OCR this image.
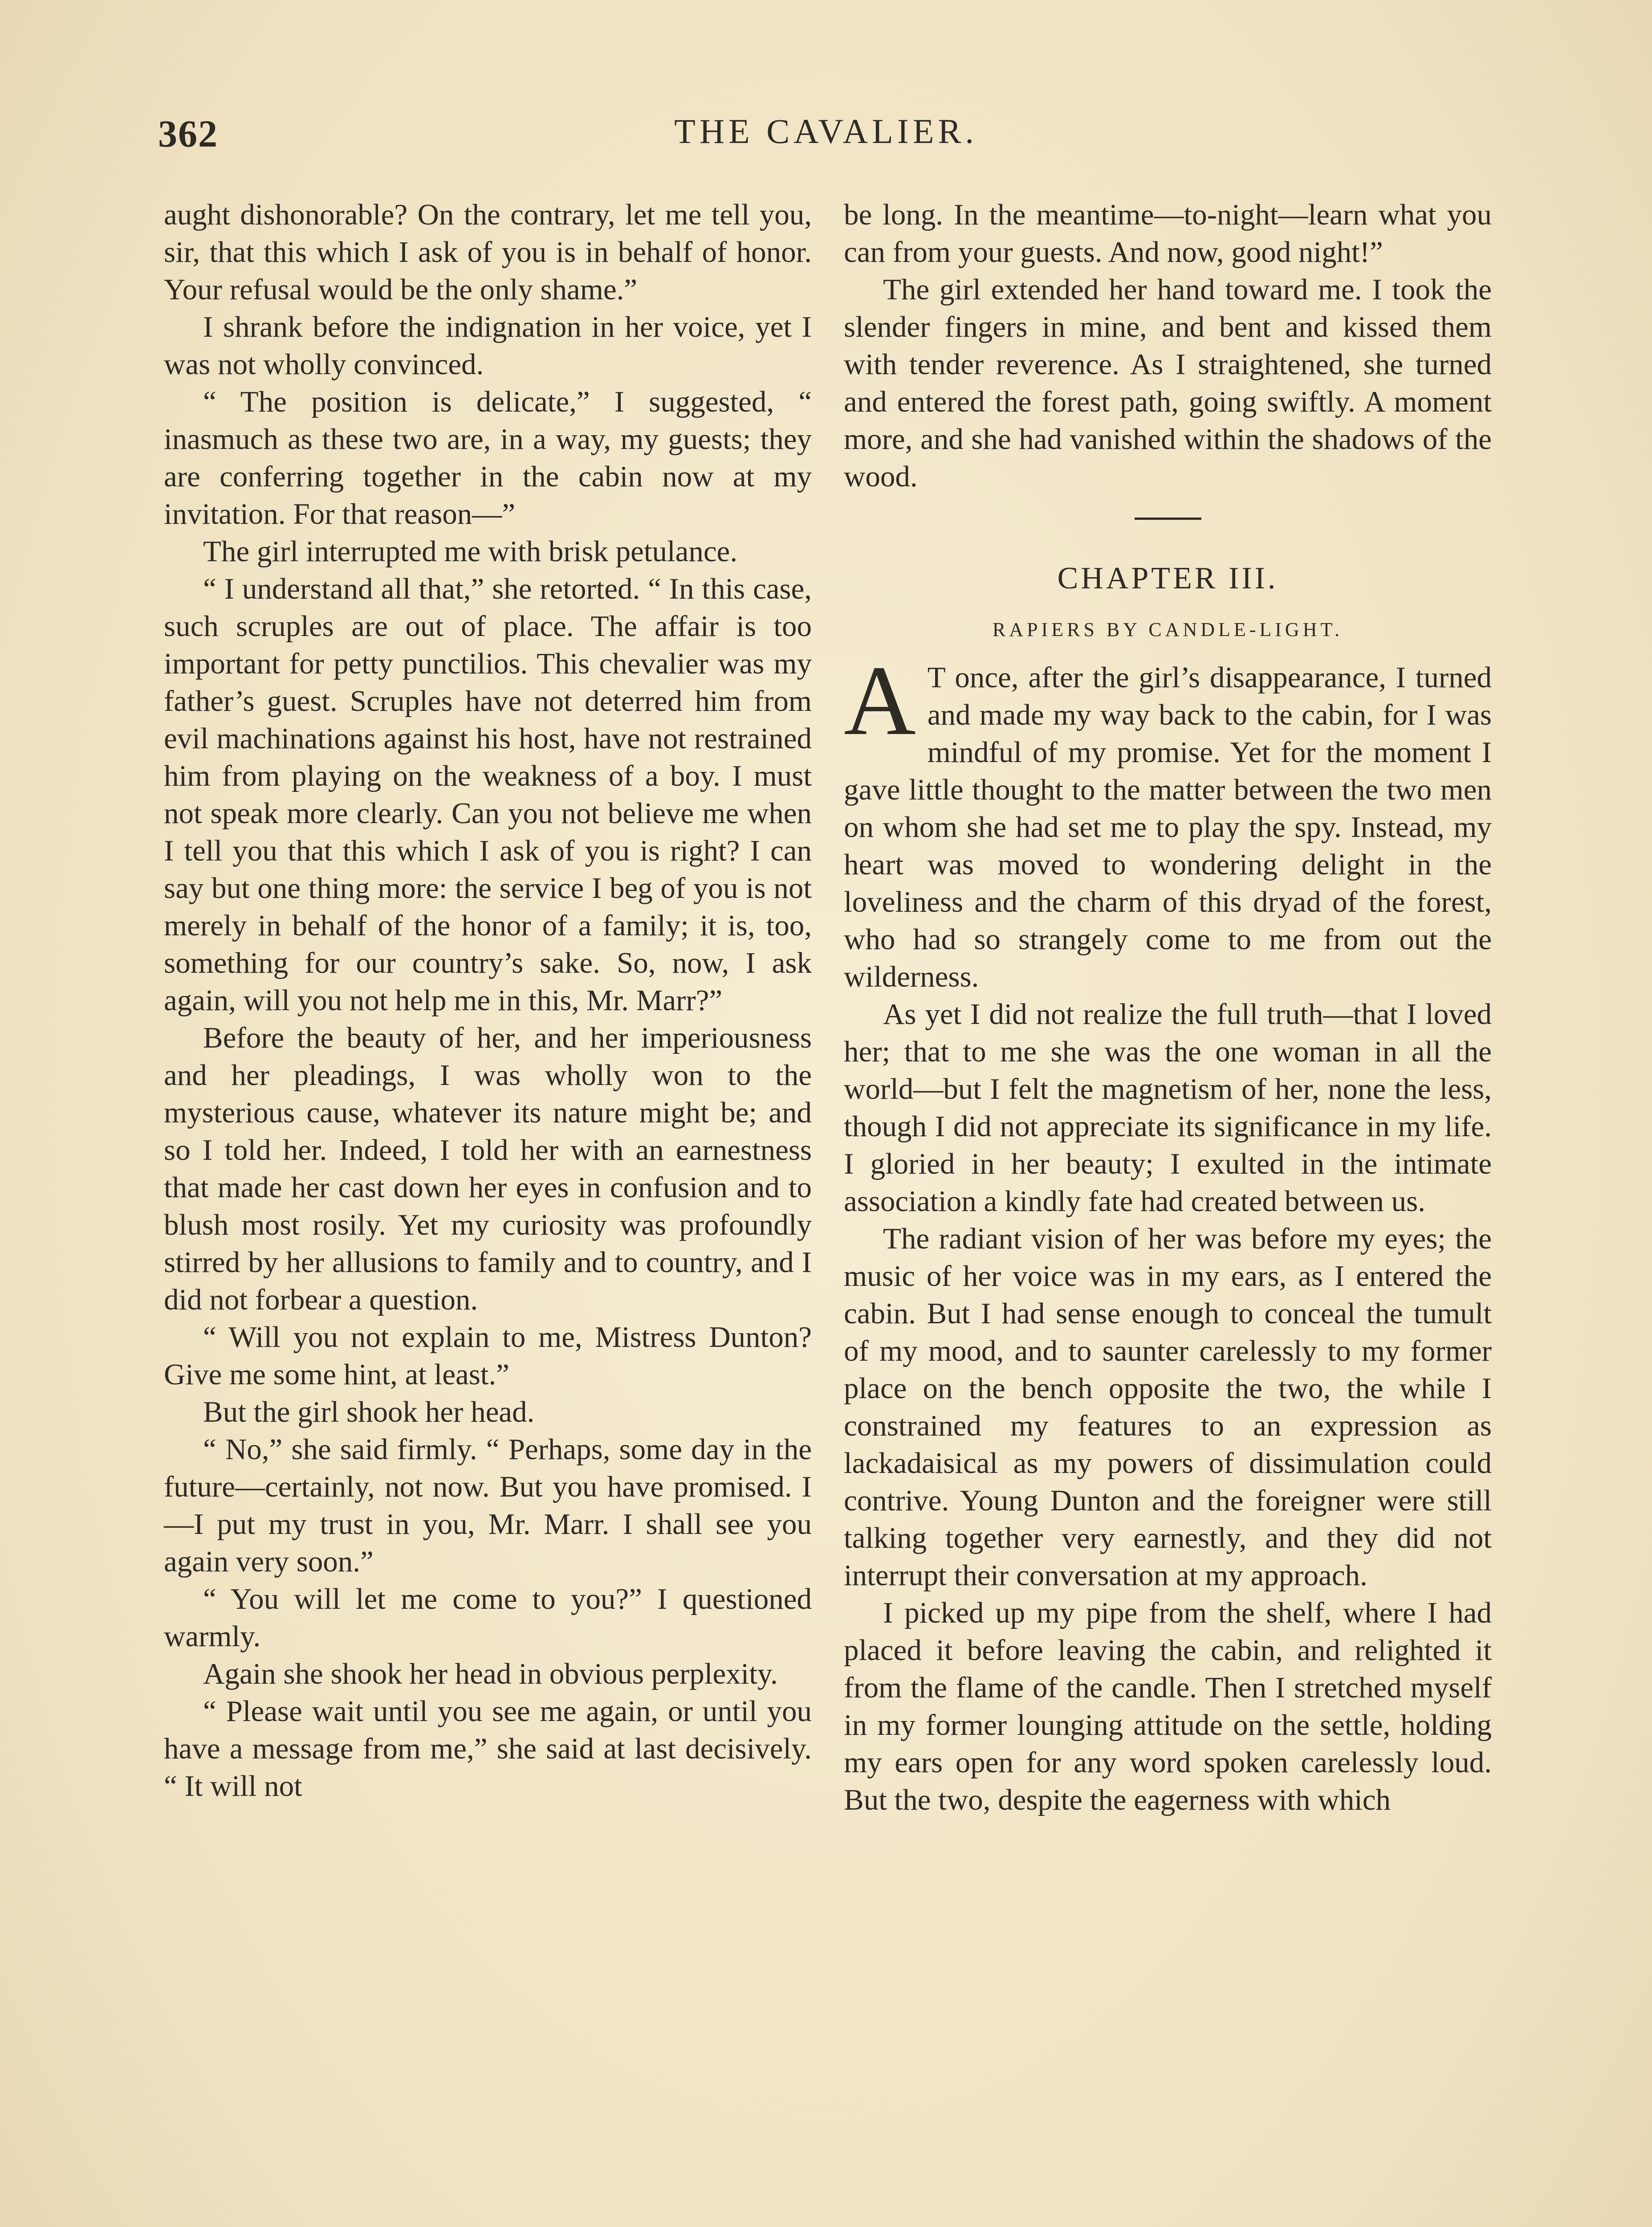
362	THE CAVALIER.

aught dishonorable? On the contrary, let me tell you, sir, that this which I ask of you is in behalf of honor. Your refusal would be the only shame.”

I shrank before the indignation in her voice, yet I was not wholly convinced.

“ The position is delicate,” I suggested, “ inasmuch as these two are, in a way, my guests; they are conferring together in the cabin now at my invitation. For that reason—”

The girl interrupted me with brisk petulance.

“ I understand all that,” she retorted. “ In this case, such scruples are out of place. The affair is too important for petty punctilios. This chevalier was my father’s guest. Scruples have not deterred him from evil machinations against his host, have not restrained him from playing on the weakness of a boy. I must not speak more clearly. Can you not believe me when I tell you that this which I ask of you is right? I can say but one thing more: the service I beg of you is not merely in behalf of the honor of a family; it is, too, something for our country’s sake. So, now, I ask again, will you not help me in this, Mr. Marr?”

Before the beauty of her, and her imperiousness and her pleadings, I was wholly won to the mysterious cause, whatever its nature might be; and so I told her. Indeed, I told her with an earnestness that made her cast down her eyes in confusion and to blush most rosily. Yet my curiosity was profoundly stirred by her allusions to family and to country, and I did not forbear a question.

“ Will you not explain to me, Mistress Dunton? Give me some hint, at least.”

But the girl shook her head.

“ No,” she said firmly. “ Perhaps, some day in the future—certainly, not now. But you have promised. I—I put my trust in you, Mr. Marr. I shall see you again very soon.”

“ You will let me come to you?” I questioned warmly.

Again she shook her head in obvious perplexity.

“ Please wait until you see me again, or until you have a message from me,” she said at last decisively. “ It will not

be long. In the meantime—to-night—learn what you can from your guests. And now, good night!”

The girl extended her hand toward me. I took the slender fingers in mine, and bent and kissed them with tender reverence. As I straightened, she turned and entered the forest path, going swiftly. A moment more, and she had vanished within the shadows of the wood.

CHAPTER III.
RAPIERS BY CANDLE-LIGHT.

A T once, after the girl’s disappearance, I turned and made my way back to the cabin, for I was mindful of my promise. Yet for the moment I gave little thought to the matter between the two men on whom she had set me to play the spy. Instead, my heart was moved to wondering delight in the loveliness and the charm of this dryad of the forest, who had so strangely come to me from out the wilderness.

As yet I did not realize the full truth—that I loved her; that to me she was the one woman in all the world—but I felt the magnetism of her, none the less, though I did not appreciate its significance in my life. I gloried in her beauty; I exulted in the intimate association a kindly fate had created between us.

The radiant vision of her was before my eyes; the music of her voice was in my ears, as I entered the cabin. But I had sense enough to conceal the tumult of my mood, and to saunter carelessly to my former place on the bench opposite the two, the while I constrained my features to an expression as lackadaisical as my powers of dissimulation could contrive. Young Dunton and the foreigner were still talking together very earnestly, and they did not interrupt their conversation at my approach.

I picked up my pipe from the shelf, where I had placed it before leaving the cabin, and relighted it from the flame of the candle. Then I stretched myself in my former lounging attitude on the settle, holding my ears open for any word spoken carelessly loud. But the two, despite the eagerness with which
